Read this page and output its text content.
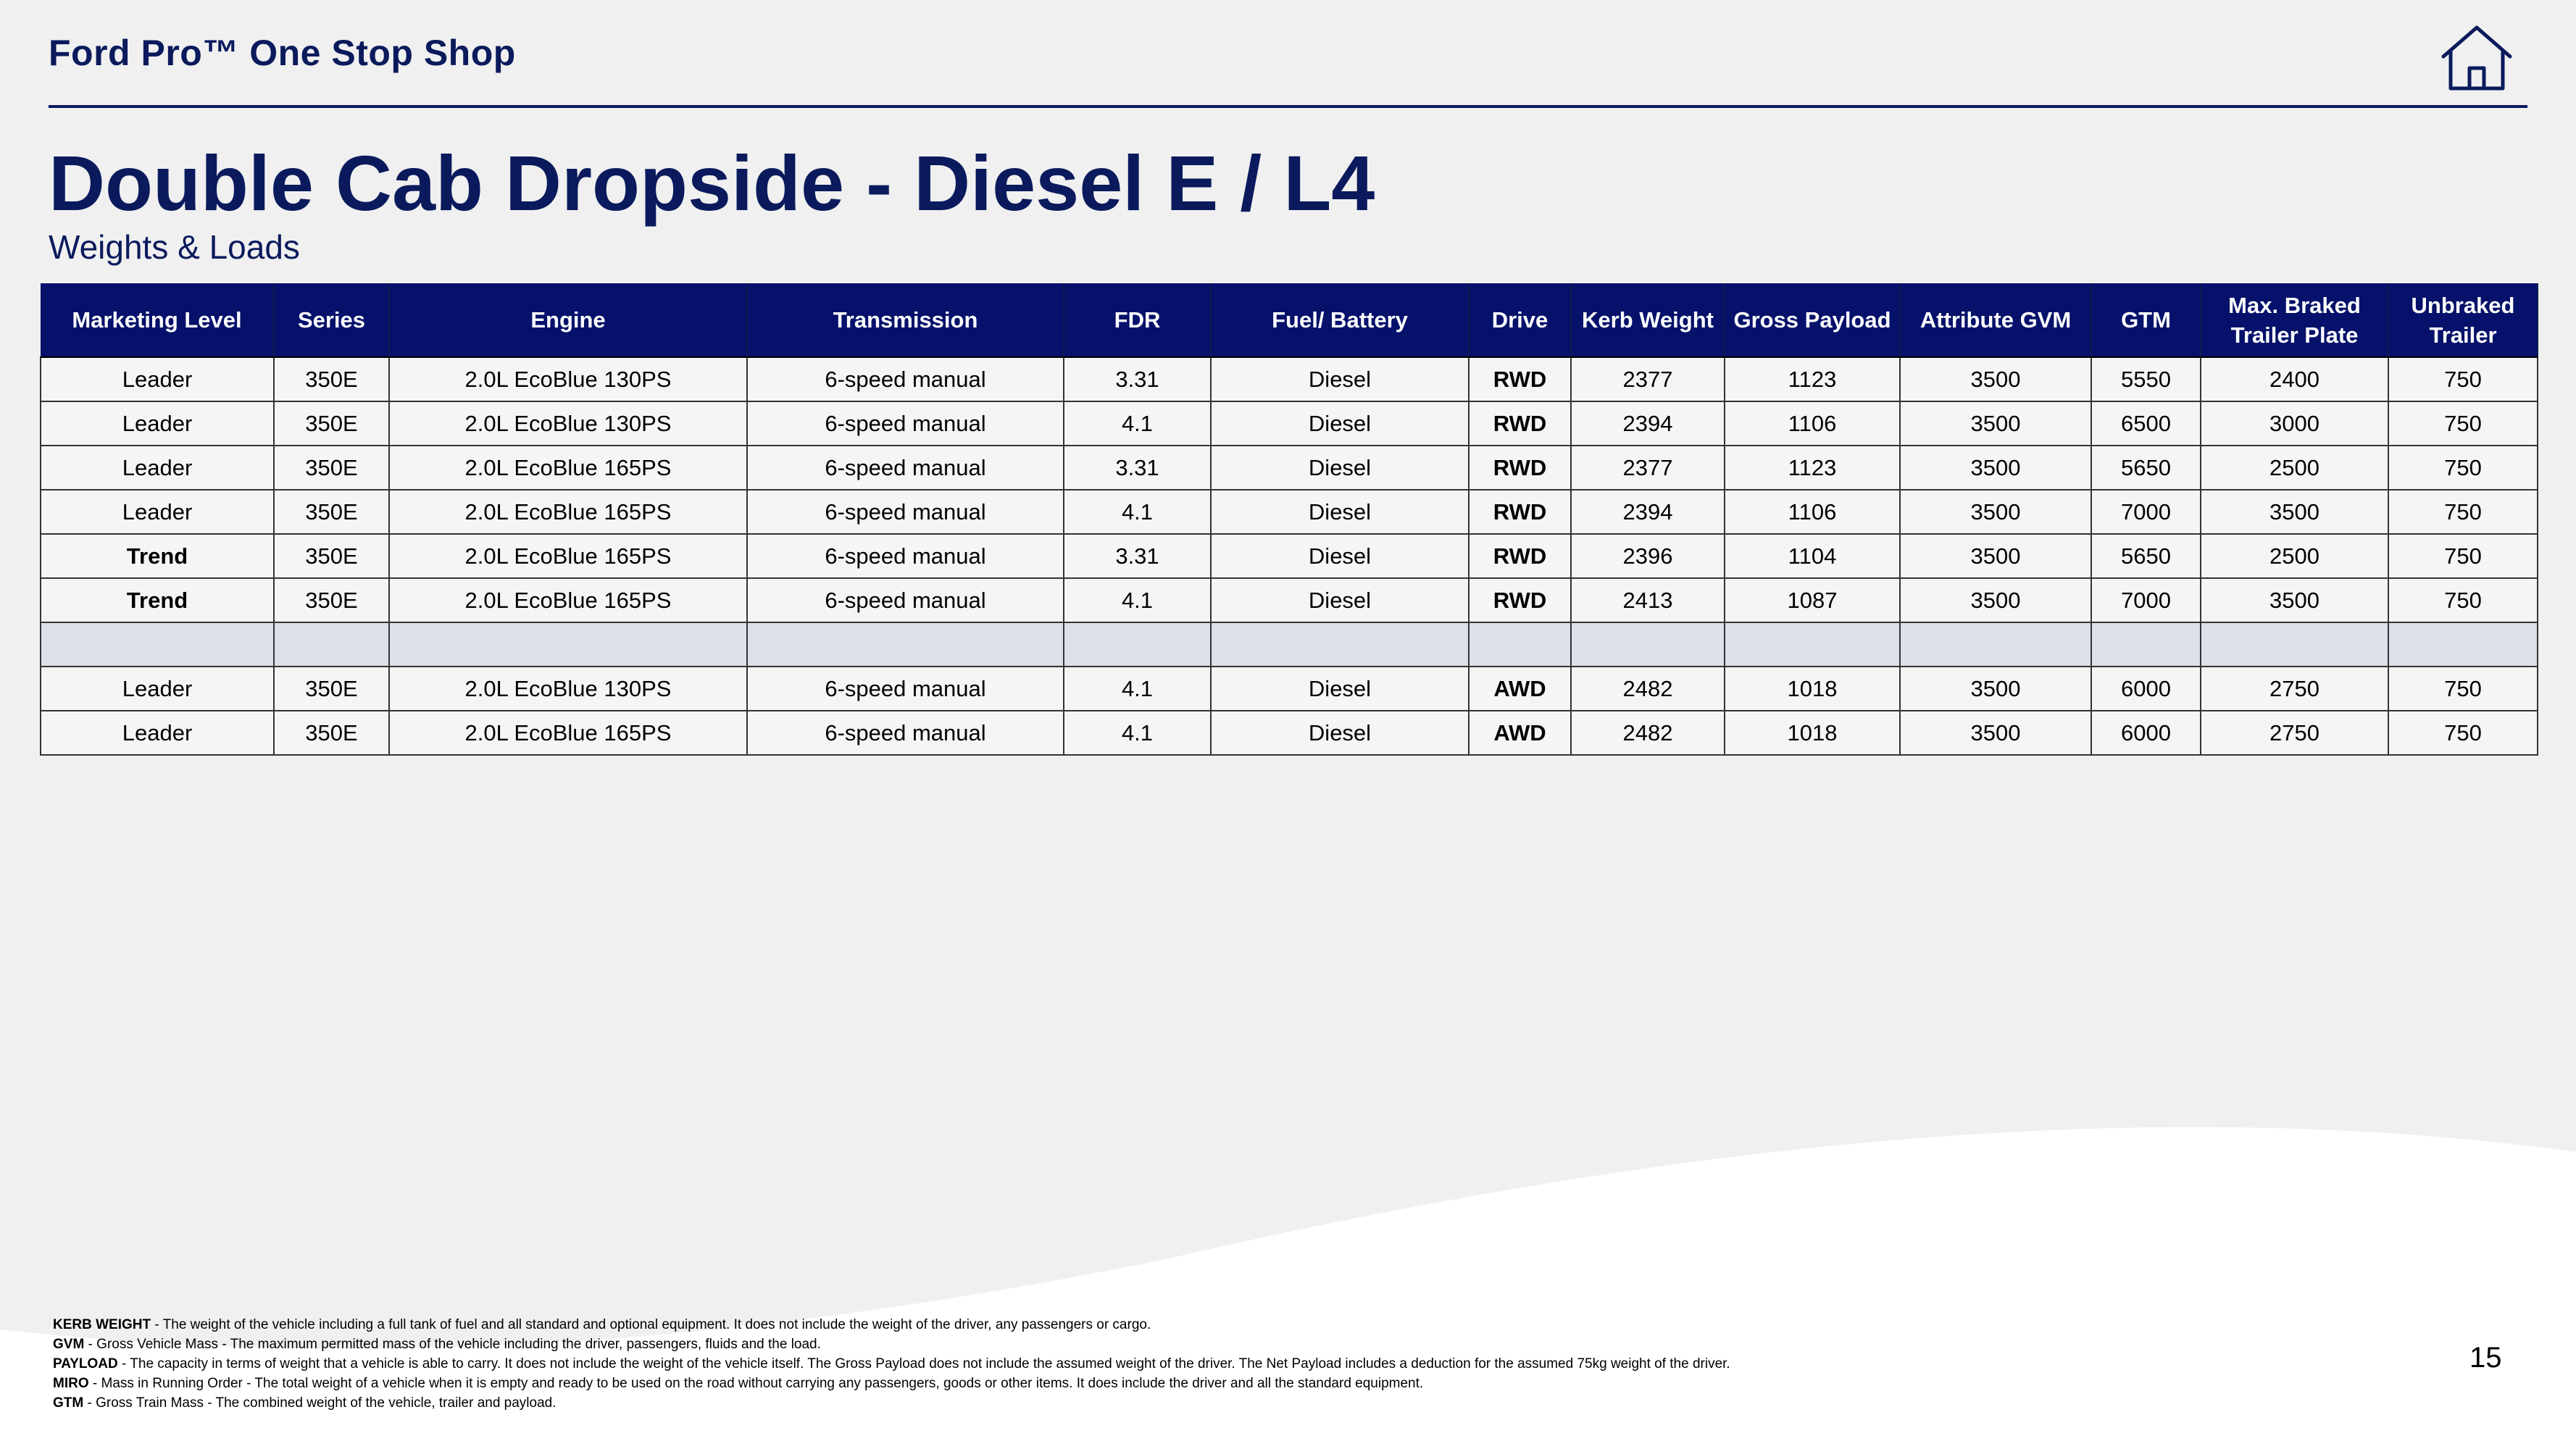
Ford Pro™ One Stop Shop
Double Cab Dropside - Diesel E / L4
Weights & Loads
Marketing Level	Series	Engine	Transmission	FDR	Fuel/ Battery	Drive	Kerb Weight	Gross Payload	Attribute GVM	GTM	Max. Braked Trailer Plate	Unbraked Trailer
Leader	350E	2.0L EcoBlue 130PS	6-speed manual	3.31	Diesel	RWD	2377	1123	3500	5550	2400	750
Leader	350E	2.0L EcoBlue 130PS	6-speed manual	4.1	Diesel	RWD	2394	1106	3500	6500	3000	750
Leader	350E	2.0L EcoBlue 165PS	6-speed manual	3.31	Diesel	RWD	2377	1123	3500	5650	2500	750
Leader	350E	2.0L EcoBlue 165PS	6-speed manual	4.1	Diesel	RWD	2394	1106	3500	7000	3500	750
Trend	350E	2.0L EcoBlue 165PS	6-speed manual	3.31	Diesel	RWD	2396	1104	3500	5650	2500	750
Trend	350E	2.0L EcoBlue 165PS	6-speed manual	4.1	Diesel	RWD	2413	1087	3500	7000	3500	750

Leader	350E	2.0L EcoBlue 130PS	6-speed manual	4.1	Diesel	AWD	2482	1018	3500	6000	2750	750
Leader	350E	2.0L EcoBlue 165PS	6-speed manual	4.1	Diesel	AWD	2482	1018	3500	6000	2750	750
KERB WEIGHT - The weight of the vehicle including a full tank of fuel and all standard and optional equipment. It does not include the weight of the driver, any passengers or cargo.
GVM - Gross Vehicle Mass - The maximum permitted mass of the vehicle including the driver, passengers, fluids and the load.
PAYLOAD - The capacity in terms of weight that a vehicle is able to carry. It does not include the weight of the vehicle itself. The Gross Payload does not include the assumed weight of the driver. The Net Payload includes a deduction for the assumed 75kg weight of the driver.
MIRO - Mass in Running Order - The total weight of a vehicle when it is empty and ready to be used on the road without carrying any passengers, goods or other items. It does include the driver and all the standard equipment.
GTM - Gross Train Mass - The combined weight of the vehicle, trailer and payload.
15
